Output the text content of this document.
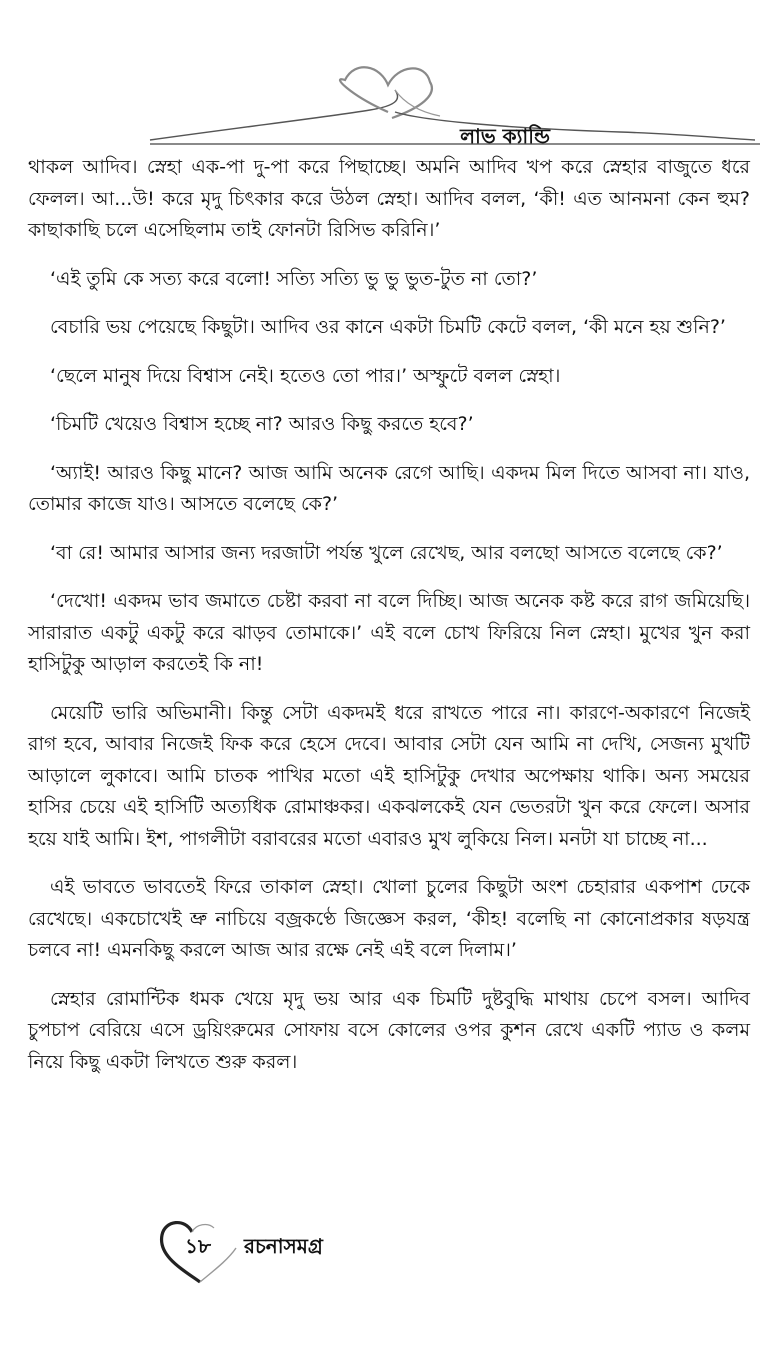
লাভ ক্যান্ডি

থাকল আদিব। স্নেহা এক-পা দু-পা করে পিছাচ্ছে। অমনি আদিব খপ করে স্নেহার বাজুতে ধরে ফেলল। আ...উ! করে মৃদু চিৎকার করে উঠল স্নেহা। আদিব বলল, ‘কী! এত আনমনা কেন হুম? কাছাকাছি চলে এসেছিলাম তাই ফোনটা রিসিভ করিনি।’

‘এই তুমি কে সত্য করে বলো! সত্যি সত্যি ভু ভু ভুত-টুত না তো?’

বেচারি ভয় পেয়েছে কিছুটা। আদিব ওর কানে একটা চিমটি কেটে বলল, ‘কী মনে হয় শুনি?’

‘ছেলে মানুষ দিয়ে বিশ্বাস নেই। হতেও তো পার।’ অস্ফুটে বলল স্নেহা।

‘চিমটি খেয়েও বিশ্বাস হচ্ছে না? আরও কিছু করতে হবে?’

‘অ্যাই! আরও কিছু মানে? আজ আমি অনেক রেগে আছি। একদম মিল দিতে আসবা না। যাও, তোমার কাজে যাও। আসতে বলেছে কে?’

‘বা রে! আমার আসার জন্য দরজাটা পর্যন্ত খুলে রেখেছ, আর বলছো আসতে বলেছে কে?’

‘দেখো! একদম ভাব জমাতে চেষ্টা করবা না বলে দিচ্ছি। আজ অনেক কষ্ট করে রাগ জমিয়েছি। সারারাত একটু একটু করে ঝাড়ব তোমাকে।’ এই বলে চোখ ফিরিয়ে নিল স্নেহা। মুখের খুন করা হাসিটুকু আড়াল করতেই কি না!

মেয়েটি ভারি অভিমানী। কিন্তু সেটা একদমই ধরে রাখতে পারে না। কারণে-অকারণে নিজেই রাগ হবে, আবার নিজেই ফিক করে হেসে দেবে। আবার সেটা যেন আমি না দেখি, সেজন্য মুখটি আড়ালে লুকাবে। আমি চাতক পাখির মতো এই হাসিটুকু দেখার অপেক্ষায় থাকি। অন্য সময়ের হাসির চেয়ে এই হাসিটি অত্যধিক রোমাঞ্চকর। একঝলকেই যেন ভেতরটা খুন করে ফেলে। অসার হয়ে যাই আমি। ইশ, পাগলীটা বরাবরের মতো এবারও মুখ লুকিয়ে নিল। মনটা যা চাচ্ছে না...

এই ভাবতে ভাবতেই ফিরে তাকাল স্নেহা। খোলা চুলের কিছুটা অংশ চেহারার একপাশ ঢেকে রেখেছে। একচোখেই ভ্রু নাচিয়ে বজ্রকণ্ঠে জিজ্ঞেস করল, ‘কীহ! বলেছি না কোনোপ্রকার ষড়যন্ত্র চলবে না! এমনকিছু করলে আজ আর রক্ষে নেই এই বলে দিলাম।’

স্নেহার রোমান্টিক ধমক খেয়ে মৃদু ভয় আর এক চিমটি দুষ্টবুদ্ধি মাথায় চেপে বসল। আদিব চুপচাপ বেরিয়ে এসে ড্রয়িংরুমের সোফায় বসে কোলের ওপর কুশন রেখে একটি প্যাড ও কলম নিয়ে কিছু একটা লিখতে শুরু করল।

১৮	রচনাসমগ্র
